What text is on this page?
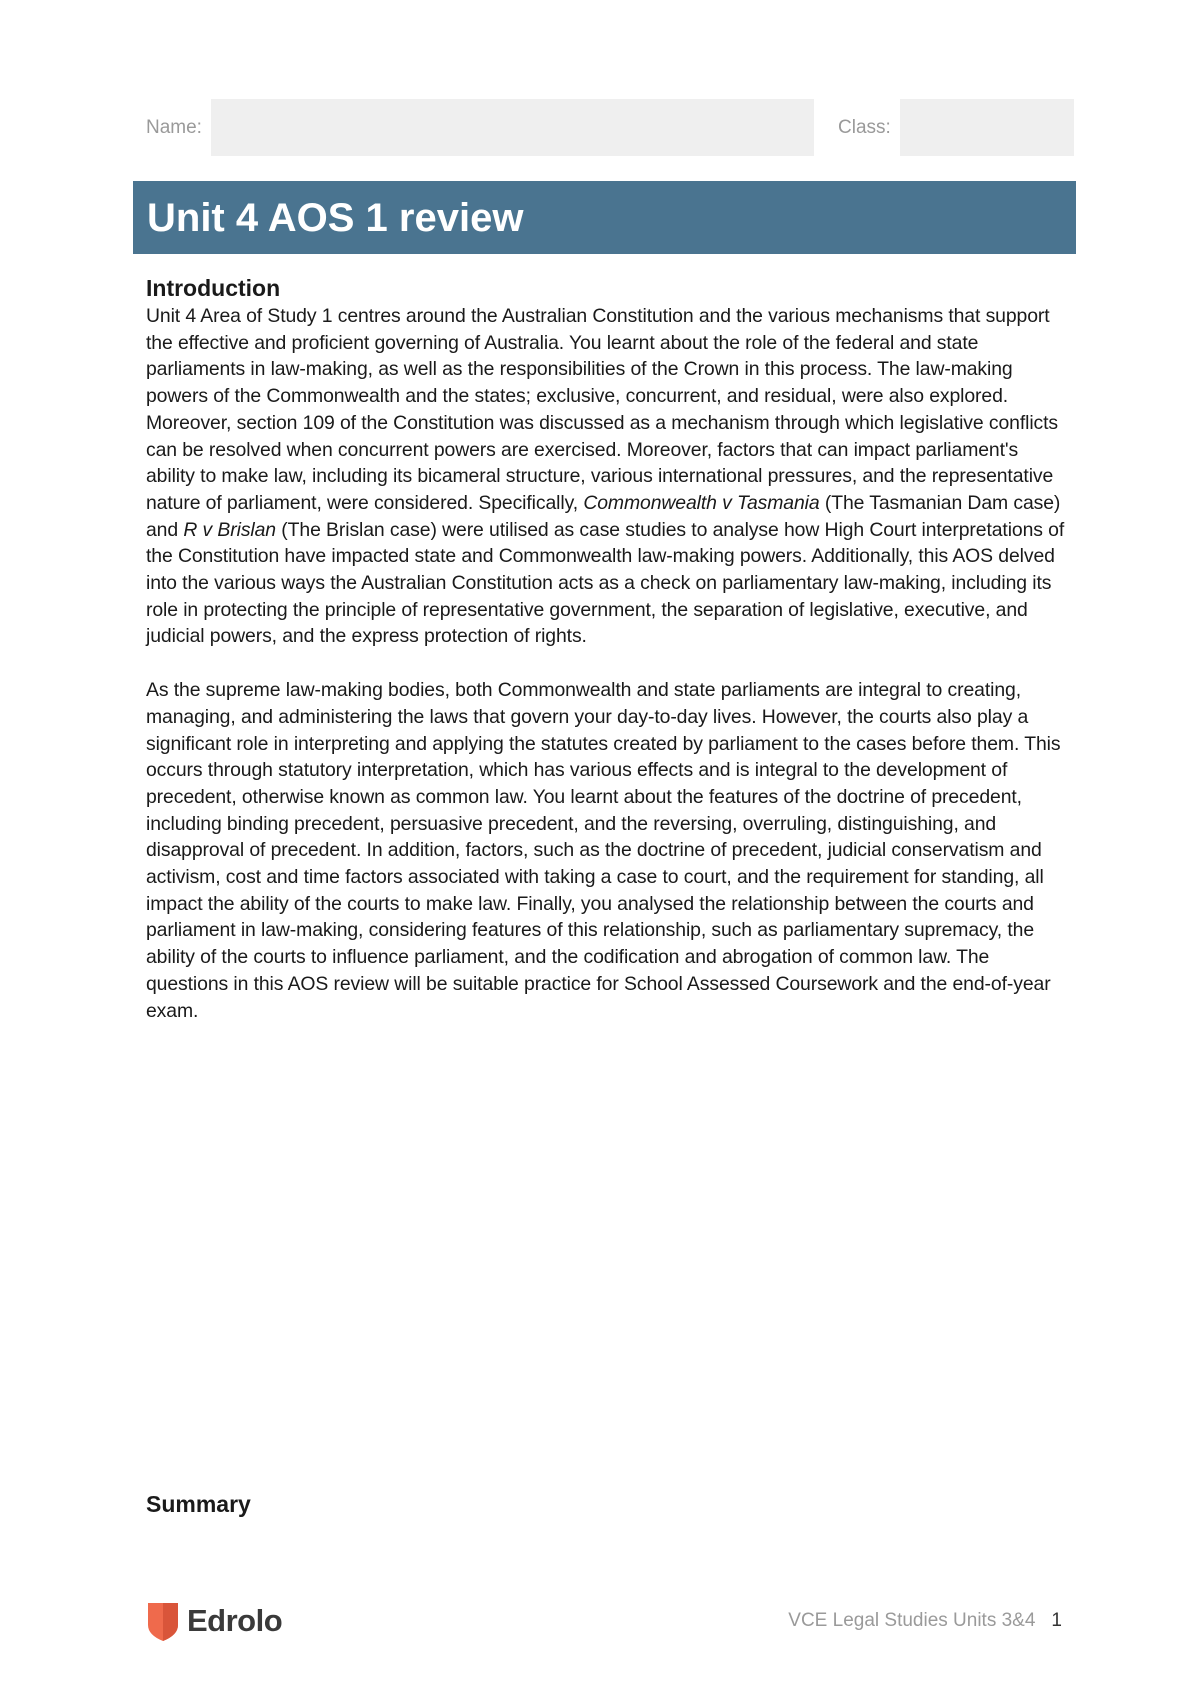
Name:	Class:
Unit 4 AOS 1 review
Introduction

Unit 4 Area of Study 1 centres around the Australian Constitution and the various mechanisms that support the effective and proficient governing of Australia. You learnt about the role of the federal and state parliaments in law-making, as well as the responsibilities of the Crown in this process. The law-making powers of the Commonwealth and the states; exclusive, concurrent, and residual, were also explored. Moreover, section 109 of the Constitution was discussed as a mechanism through which legislative conflicts can be resolved when concurrent powers are exercised. Moreover, factors that can impact parliament's ability to make law, including its bicameral structure, various international pressures, and the representative nature of parliament, were considered. Specifically, Commonwealth v Tasmania (The Tasmanian Dam case) and R v Brislan (The Brislan case) were utilised as case studies to analyse how High Court interpretations of the Constitution have impacted state and Commonwealth law-making powers. Additionally, this AOS delved into the various ways the Australian Constitution acts as a check on parliamentary law-making, including its role in protecting the principle of representative government, the separation of legislative, executive, and judicial powers, and the express protection of rights.

As the supreme law-making bodies, both Commonwealth and state parliaments are integral to creating, managing, and administering the laws that govern your day-to-day lives. However, the courts also play a significant role in interpreting and applying the statutes created by parliament to the cases before them. This occurs through statutory interpretation, which has various effects and is integral to the development of precedent, otherwise known as common law. You learnt about the features of the doctrine of precedent, including binding precedent, persuasive precedent, and the reversing, overruling, distinguishing, and disapproval of precedent. In addition, factors, such as the doctrine of precedent, judicial conservatism and activism, cost and time factors associated with taking a case to court, and the requirement for standing, all impact the ability of the courts to make law. Finally, you analysed the relationship between the courts and parliament in law-making, considering features of this relationship, such as parliamentary supremacy, the ability of the courts to influence parliament, and the codification and abrogation of common law. The questions in this AOS review will be suitable practice for School Assessed Coursework and the end-of-year exam.

Summary
Edrolo	VCE Legal Studies Units 3&4 1
